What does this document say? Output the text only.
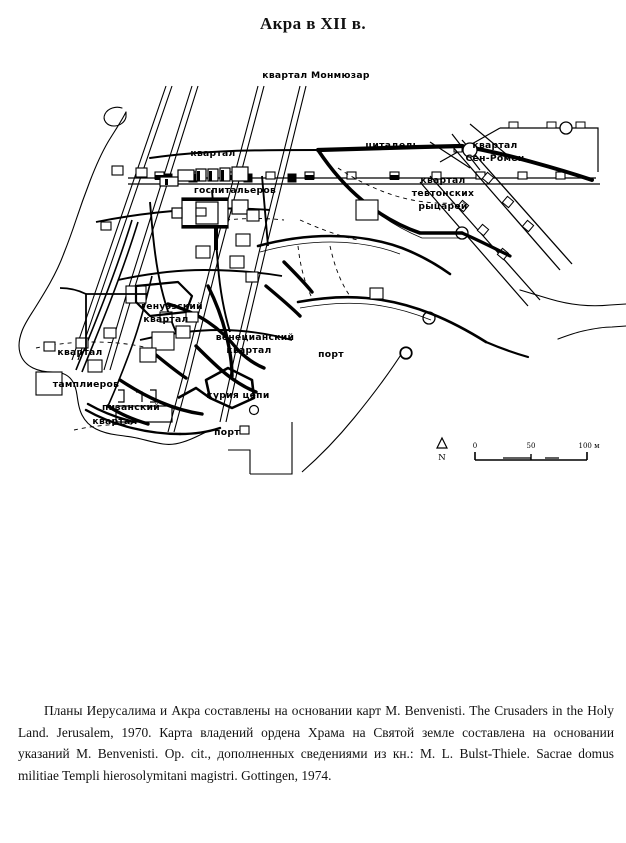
Акра в XII в.
квартал Монмюзар
цитадель	квартал
Сен-Ромен
квартал
госпитальеров
квартал
тевтонских
рыцарей
генуэзский
квартал
венецианский
квартал
квартал
тамплиеров
пизанский
квартал
курия цепи
порт
порт
N
0	50	100 м

Планы Иерусалима и Акра составлены на основании карт M. Benvenisti. The Crusaders in the Holy Land. Jerusalem, 1970. Карта владений ордена Храма на Святой земле составлена на основании указаний M. Benvenisti. Op. cit., дополненных сведениями из кн.: M. L. Bulst-Thiele. Sacrae domus militiae Templi hierosolymitani magistri. Gottingen, 1974.
